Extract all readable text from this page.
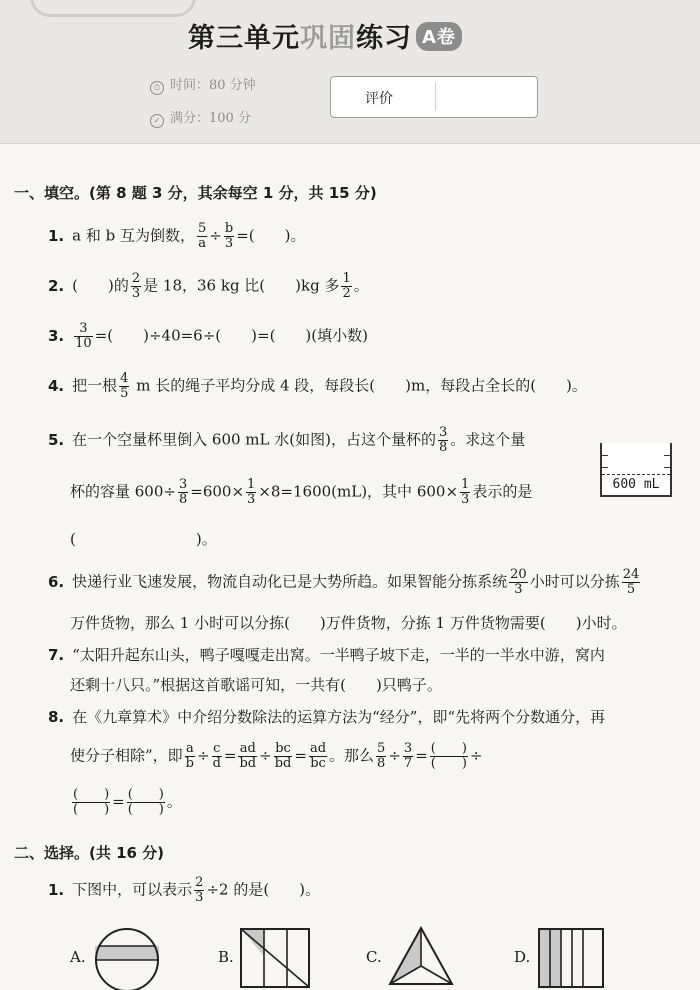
第三单元巩固练习 A卷
⏱ 时间：80 分钟
✓ 满分：100 分
评价
一、填空。(第 8 题 3 分，其余每空 1 分，共 15 分)
1. a 和 b 互为倒数， $\frac{5}{a} \div \frac{b}{3}$ =(　　)。
2. (　　)的 $\frac{2}{3}$ 是 18，36 kg 比(　　)kg 多 $\frac{1}{2}$ 。
3. $\frac{3}{10}$ =(　　)÷40=6÷(　　)=(　　)(填小数)
4. 把一根 $\frac{4}{5}$ m 长的绳子平均分成 4 段，每段长(　　)m，每段占全长的(　　)。
5. 在一个空量杯里倒入 600 mL 水(如图)，占这个量杯的 $\frac{3}{8}$ 。求这个量
杯的容量 $600\div \frac{3}{8} =600\times \frac{1}{3} \times 8=1600(mL)$，其中 $600\times \frac{1}{3}$ 表示的是
(　　　　　　　　)。
600 mL
6. 快递行业飞速发展，物流自动化已是大势所趋。如果智能分拣系统 $\frac{20}{3}$ 小时可以分拣 $\frac{24}{5}$
万件货物，那么 1 小时可以分拣(　　)万件货物，分拣 1 万件货物需要(　　)小时。
7. “太阳升起东山头，鸭子嘎嘎走出窝。一半鸭子坡下走，一半的一半水中游，窝内
还剩十八只。”根据这首歌谣可知，一共有(　　)只鸭子。
8. 在《九章算术》中介绍分数除法的运算方法为“经分”，即“先将两个分数通分，再
使分子相除”，即 $\frac{a}{b} \div \frac{c}{d} = \frac{ad}{bd} \div \frac{bc}{bd} = \frac{ad}{bc}$ 。那么 $\frac{5}{8} \div \frac{3}{7}$ = (　　)
(　　) ÷
(　　)
(　　) = (　　)
(　　) 。
二、选择。(共 16 分)
1. 下图中，可以表示 $\frac{2}{3} \div 2$ 的是(　　)。
A.	B.	C.	D.
